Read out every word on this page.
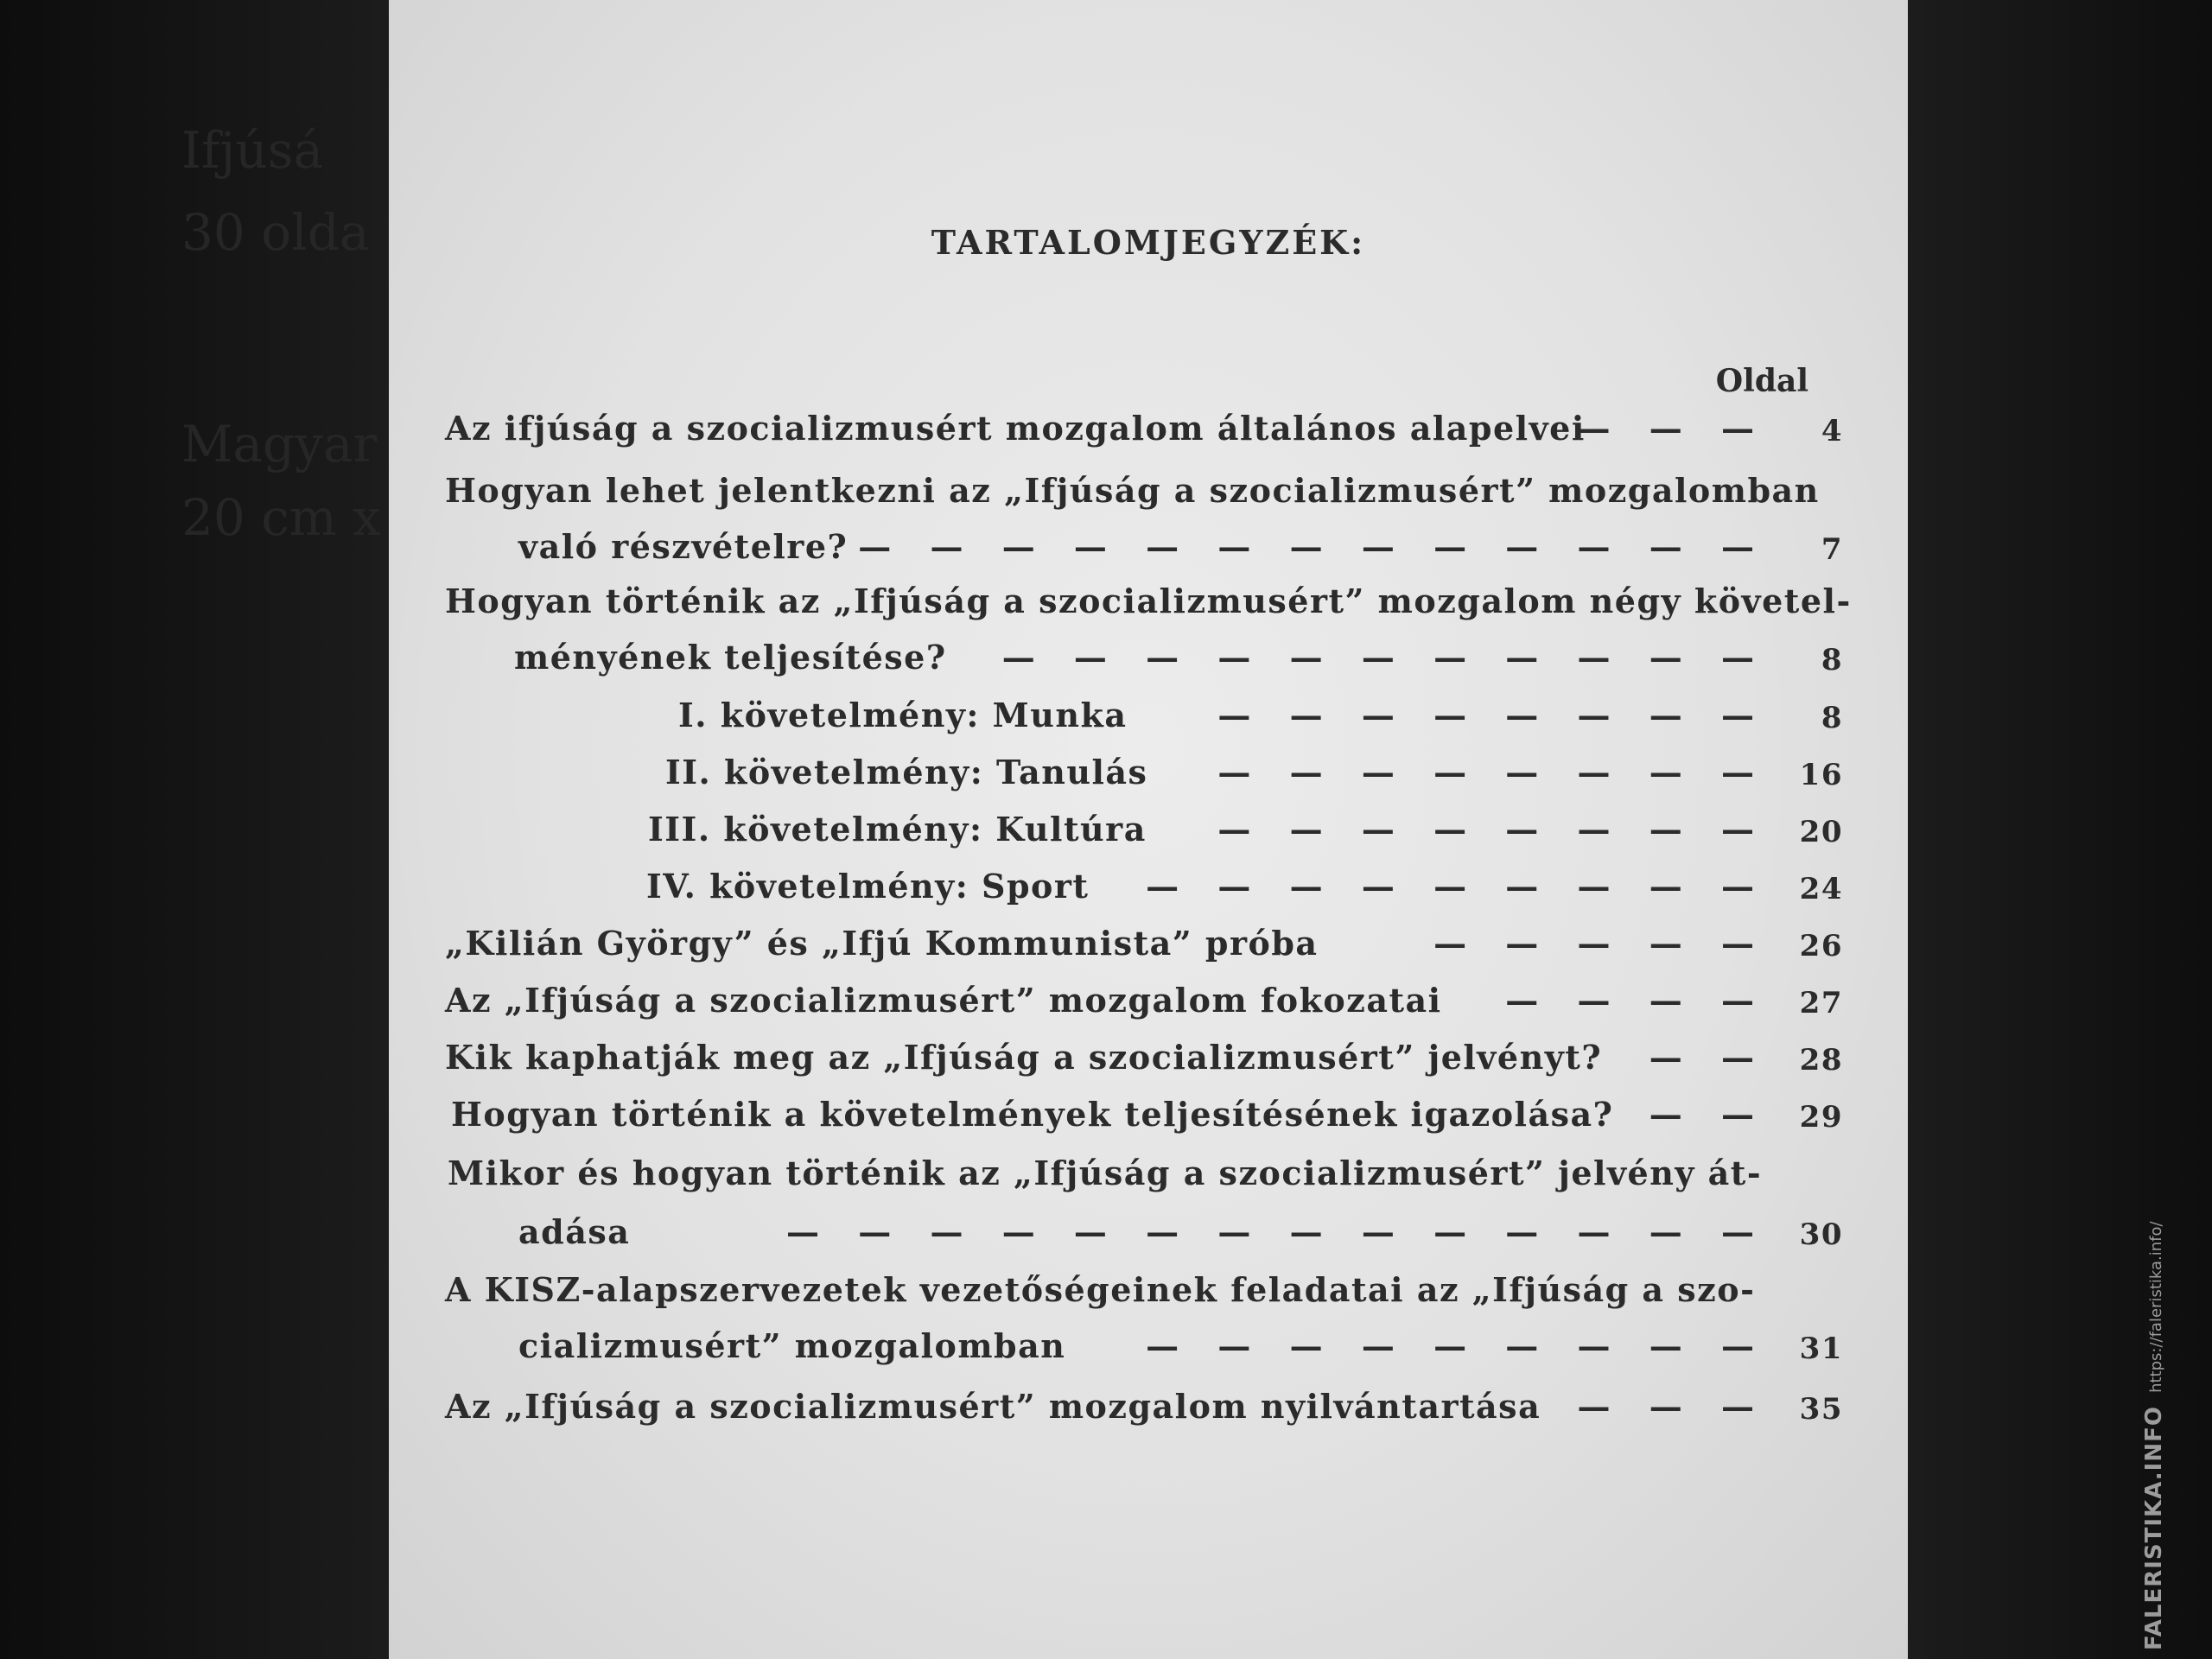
Ifjúsá
30 olda
Magyar
20 cm x
TARTALOMJEGYZÉK:
Oldal
Az ifjúság a szocializmusért mozgalom általános alapelvei
— — —	4
Hogyan lehet jelentkezni az „Ifjúság a szocializmusért” mozgalomban
való részvételre? — — — — — — — — — — — — —	7
Hogyan történik az „Ifjúság a szocializmusért” mozgalom négy követel-
ményének teljesítése? — — — — — — — — — — —	8
I. követelmény: Munka	— — — — — — — —	8
II. követelmény: Tanulás — — — — — — — — 16
III. követelmény: Kultúra — — — — — — — — 20
IV. követelmény: Sport — — — — — — — — — 24
„Kilián György” és „Ifjú Kommunista” próba	— — — — — 26
Az „Ifjúság a szocializmusért” mozgalom fokozatai — — — — 27
Kik kaphatják meg az „Ifjúság a szocializmusért” jelvényt? — — 28
Hogyan történik a követelmények teljesítésének igazolása? — — 29
Mikor és hogyan történik az „Ifjúság a szocializmusért” jelvény át-
adása	— — — — — — — — — — — — — — 30
A KISZ-alapszervezetek vezetőségeinek feladatai az „Ifjúság a szo-
cializmusért” mozgalomban — — — — — — — — — 31
Az „Ifjúság a szocializmusért” mozgalom nyilvántartása — — — 35	FALERISTIKA.INFO https://faleristika.info/
